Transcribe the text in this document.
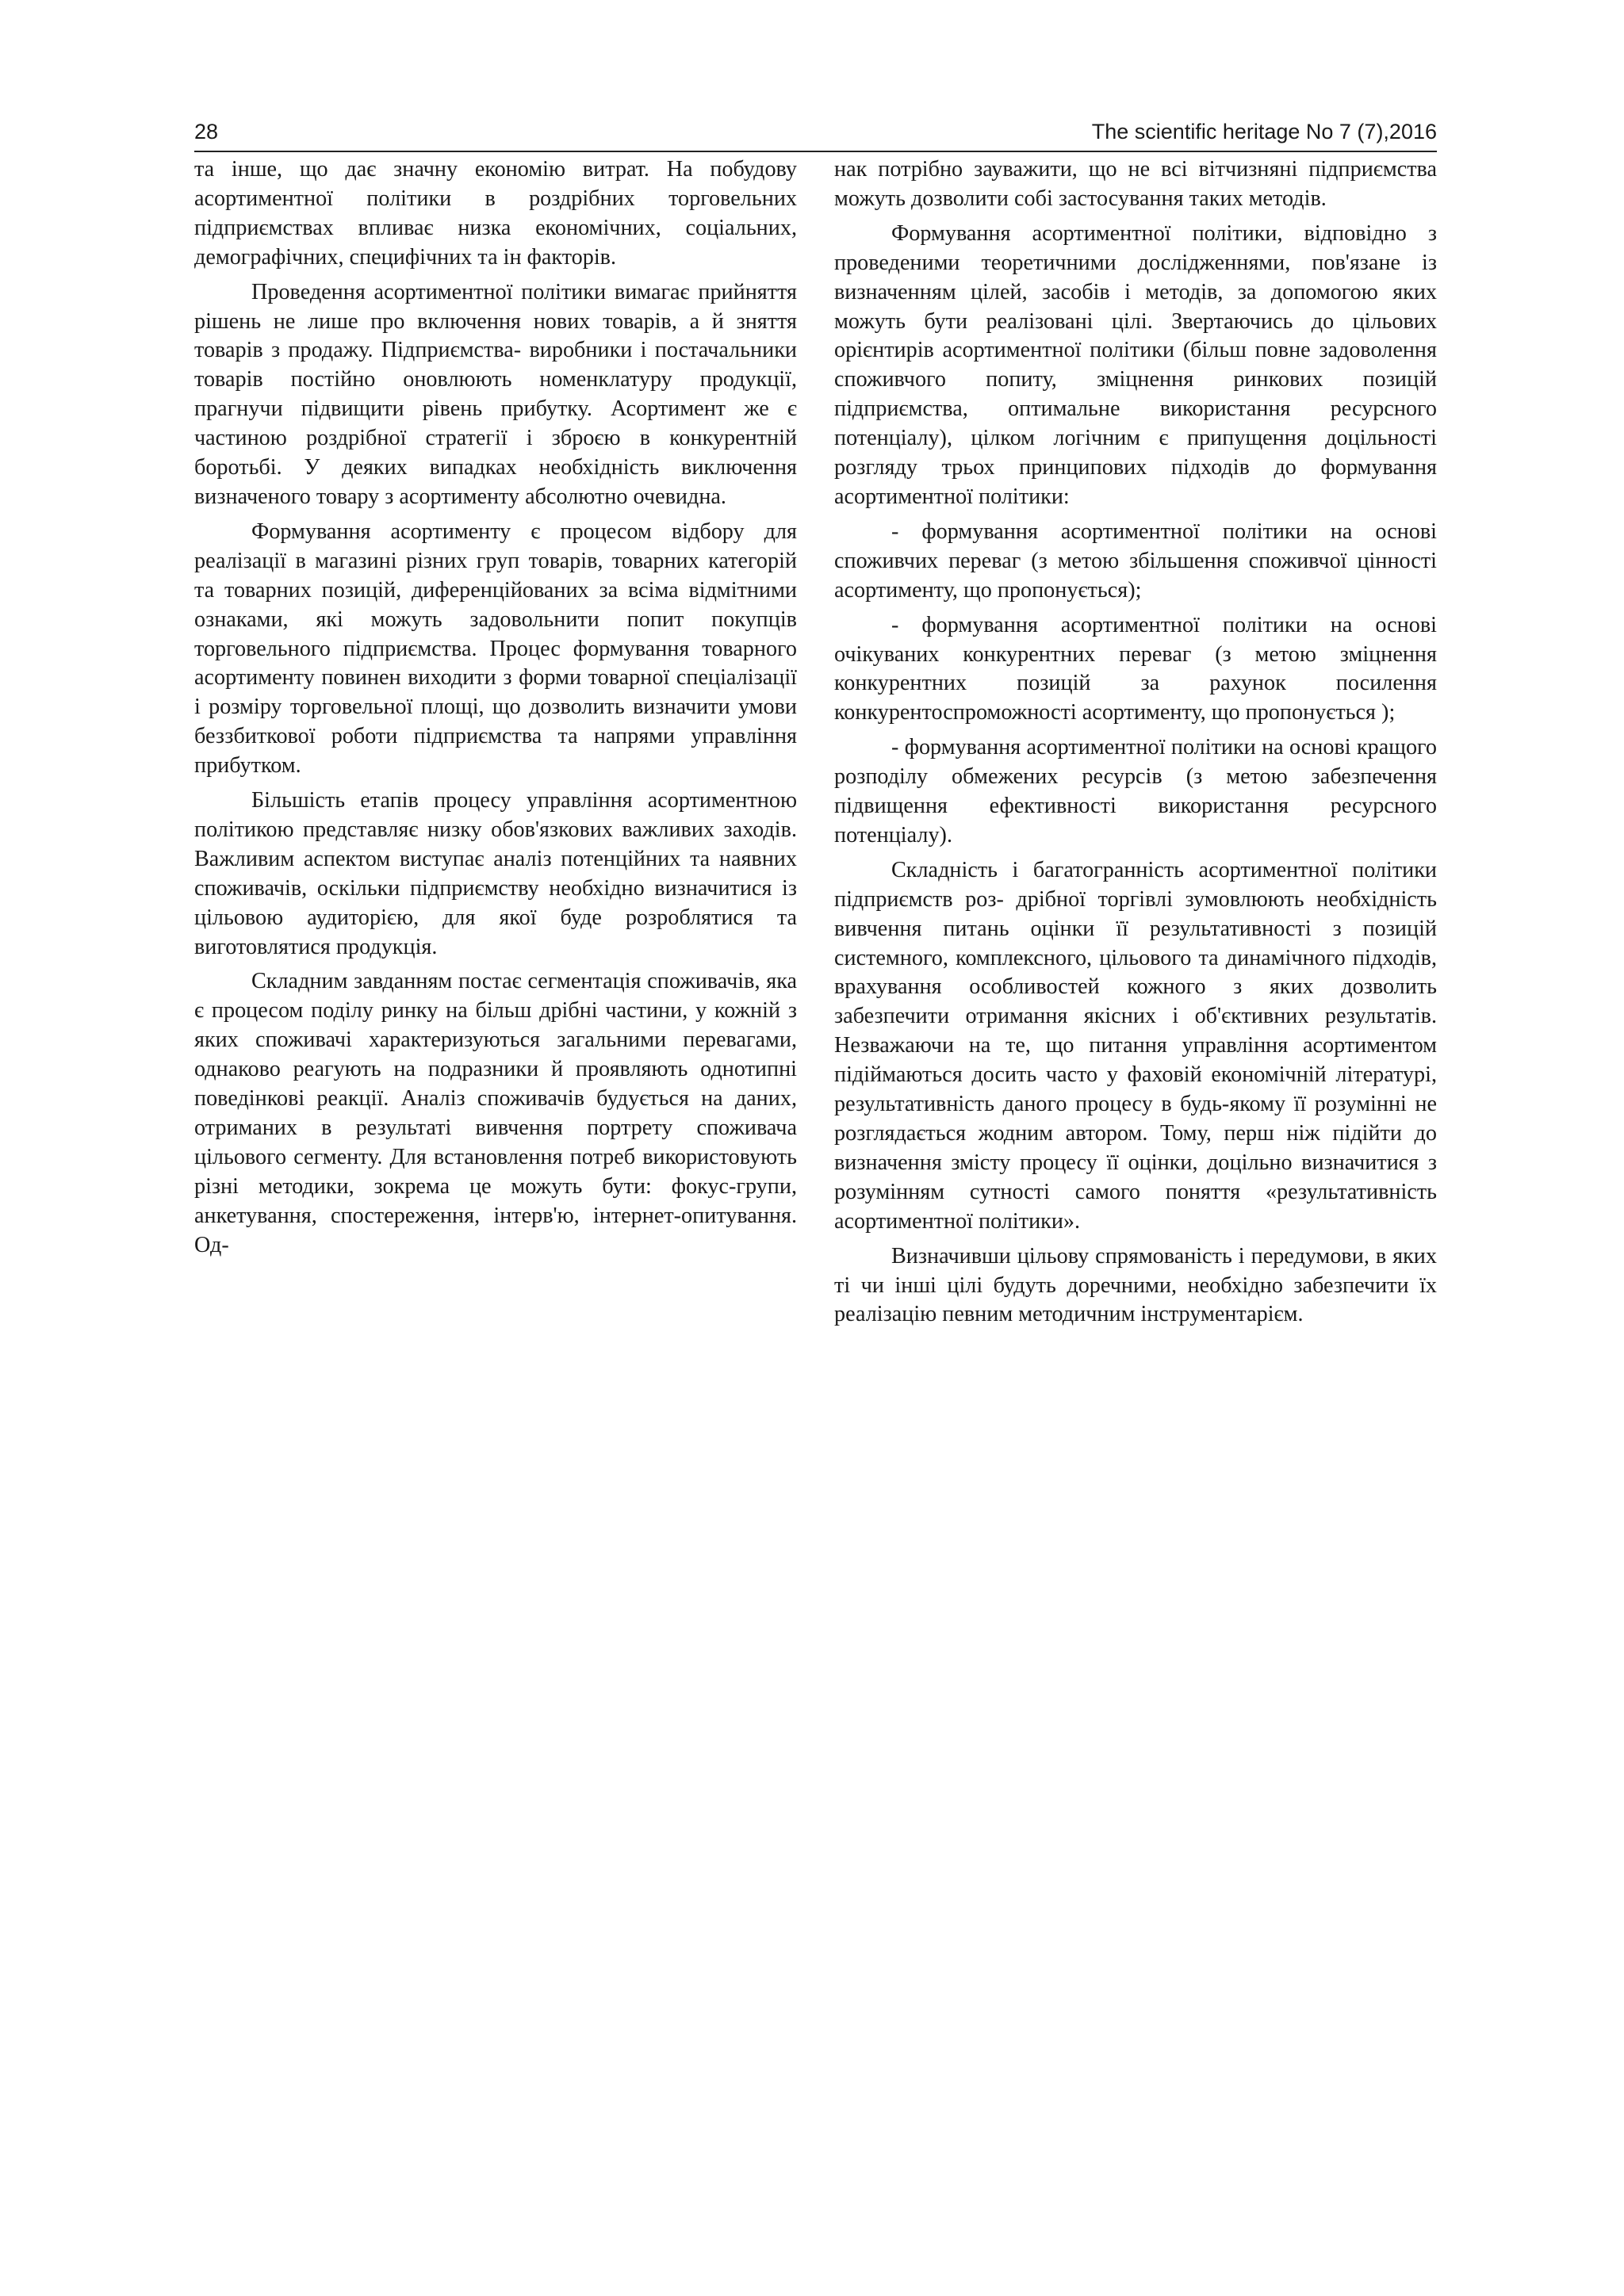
28	The scientific heritage No 7 (7),2016

та інше, що дає значну економію витрат. На побудову асортиментної політики в роздрібних торговельних підприємствах впливає низка економічних, соціальних, демографічних, специфічних та ін факторів.

Проведення асортиментної політики вимагає прийняття рішень не лише про включення нових товарів, а й зняття товарів з продажу. Підприємства- виробники і постачальники товарів постійно оновлюють номенклатуру продукції, прагнучи підвищити рівень прибутку. Асортимент же є частиною роздрібної стратегії і зброєю в конкурентній боротьбі. У деяких випадках необхідність виключення визначеного товару з асортименту абсолютно очевидна.

Формування асортименту є процесом відбору для реалізації в магазині різних груп товарів, товарних категорій та товарних позицій, диференційованих за всіма відмітними ознаками, які можуть задовольнити попит покупців торговельного підприємства. Процес формування товарного асортименту повинен виходити з форми товарної спеціалізації і розміру торговельної площі, що дозволить визначити умови беззбиткової роботи підприємства та напрями управління прибутком.

Більшість етапів процесу управління асортиментною політикою представляє низку обов'язкових важливих заходів. Важливим аспектом виступає аналіз потенційних та наявних споживачів, оскільки підприємству необхідно визначитися із цільовою аудиторією, для якої буде розроблятися та виготовлятися продукція.

Складним завданням постає сегментація споживачів, яка є процесом поділу ринку на більш дрібні частини, у кожній з яких споживачі характеризуються загальними перевагами, однаково реагують на подразники й проявляють однотипні поведінкові реакції. Аналіз споживачів будується на даних, отриманих в результаті вивчення портрету споживача цільового сегменту. Для встановлення потреб використовують різні методики, зокрема це можуть бути: фокус-групи, анкетування, спостереження, інтерв'ю, інтернет-опитування. Од-

нак потрібно зауважити, що не всі вітчизняні підприємства можуть дозволити собі застосування таких методів.

Формування асортиментної політики, відповідно з проведеними теоретичними дослідженнями, пов'язане із визначенням цілей, засобів і методів, за допомогою яких можуть бути реалізовані цілі. Звертаючись до цільових орієнтирів асортиментної політики (більш повне задоволення споживчого попиту, зміцнення ринкових позицій підприємства, оптимальне використання ресурсного потенціалу), цілком логічним є припущення доцільності розгляду трьох принципових підходів до формування асортиментної політики:

- формування асортиментної політики на основі споживчих переваг (з метою збільшення споживчої цінності асортименту, що пропонується);

- формування асортиментної політики на основі очікуваних конкурентних переваг (з метою зміцнення конкурентних позицій за рахунок посилення конкурентоспроможності асортименту, що пропонується );

- формування асортиментної політики на основі кращого розподілу обмежених ресурсів (з метою забезпечення підвищення ефективності використання ресурсного потенціалу).

Складність і багатогранність асортиментної політики підприємств роз- дрібної торгівлі зумовлюють необхідність вивчення питань оцінки її результативності з позицій системного, комплексного, цільового та динамічного підходів, врахування особливостей кожного з яких дозволить забезпечити отримання якісних і об'єктивних результатів. Незважаючи на те, що питання управління асортиментом підіймаються досить часто у фаховій економічній літературі, результативність даного процесу в будь-якому її розумінні не розглядається жодним автором. Тому, перш ніж підійти до визначення змісту процесу її оцінки, доцільно визначитися з розумінням сутності самого поняття «результативність асортиментної політики».

Визначивши цільову спрямованість і передумови, в яких ті чи інші цілі будуть доречними, необхідно забезпечити їх реалізацію певним методичним інструментарієм.
